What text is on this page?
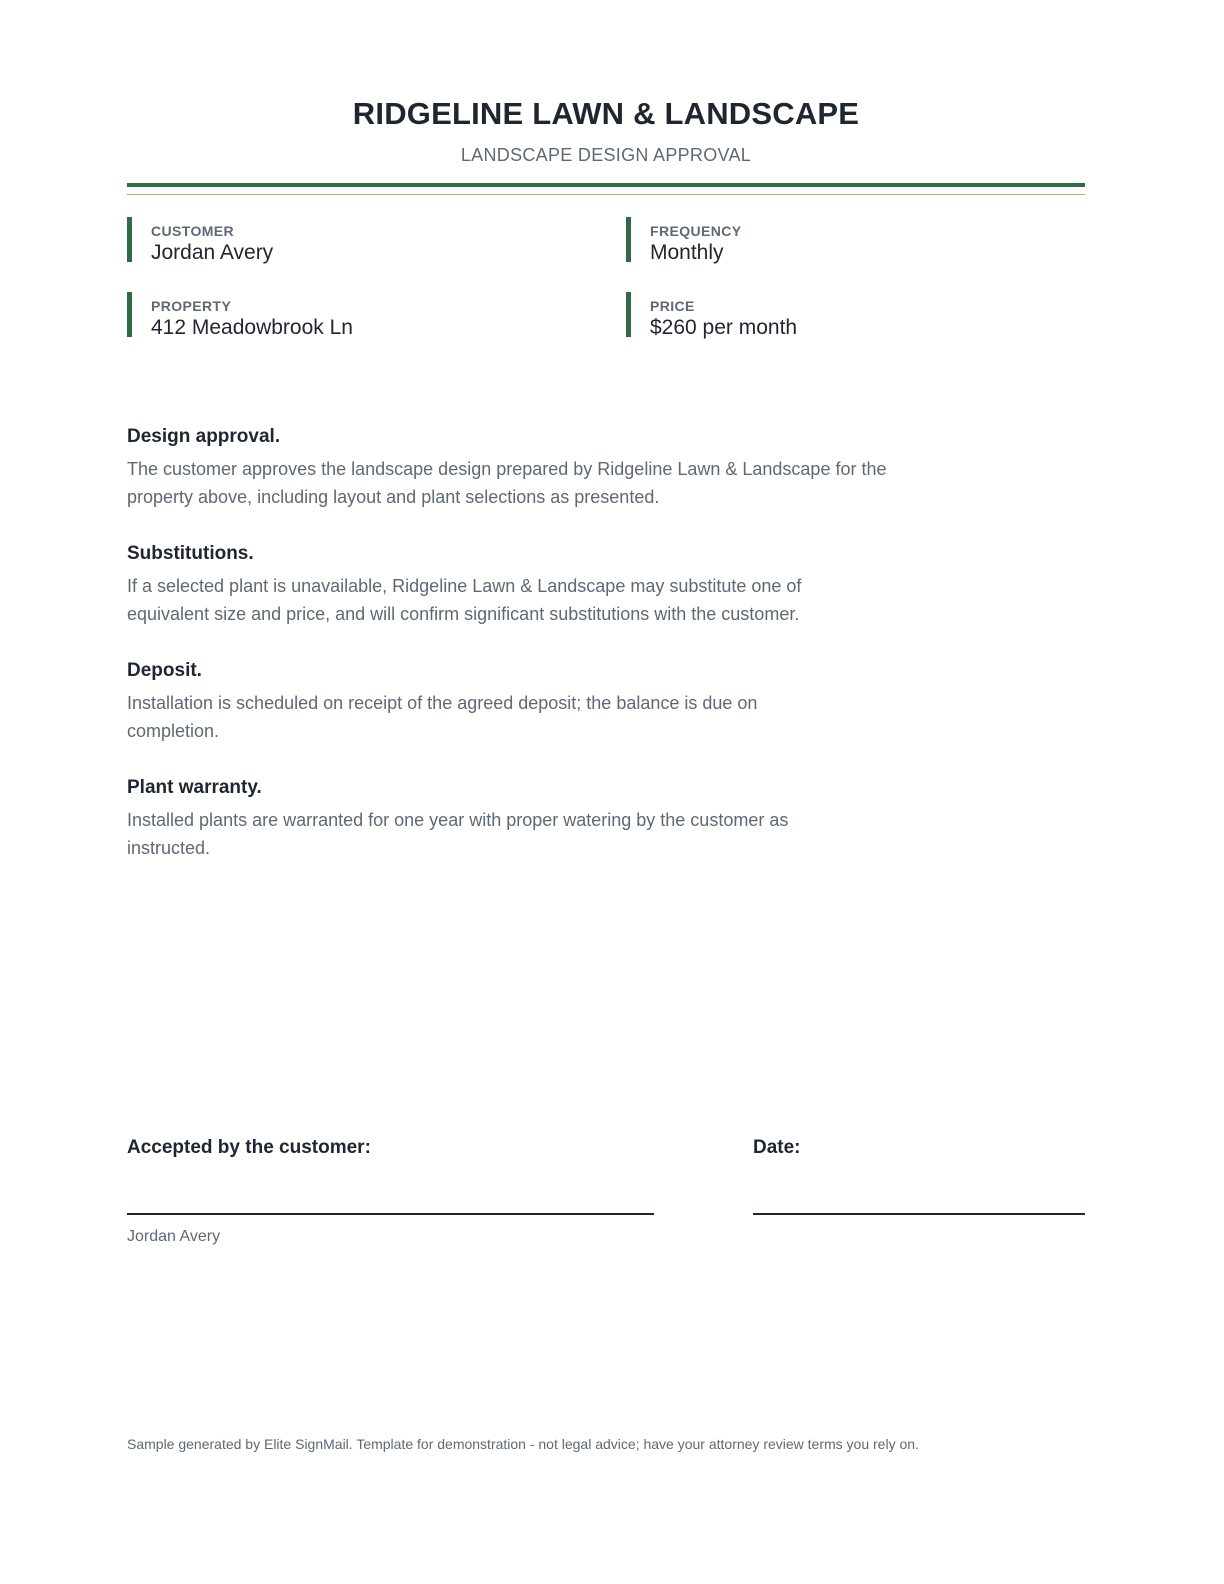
RIDGELINE LAWN & LANDSCAPE
LANDSCAPE DESIGN APPROVAL
CUSTOMER
Jordan Avery
FREQUENCY
Monthly
PROPERTY
412 Meadowbrook Ln
PRICE
$260 per month
Design approval.
The customer approves the landscape design prepared by Ridgeline Lawn & Landscape for the property above, including layout and plant selections as presented.
Substitutions.
If a selected plant is unavailable, Ridgeline Lawn & Landscape may substitute one of equivalent size and price, and will confirm significant substitutions with the customer.
Deposit.
Installation is scheduled on receipt of the agreed deposit; the balance is due on completion.
Plant warranty.
Installed plants are warranted for one year with proper watering by the customer as instructed.
Accepted by the customer:	Date:
Jordan Avery
Sample generated by Elite SignMail. Template for demonstration - not legal advice; have your attorney review terms you rely on.
